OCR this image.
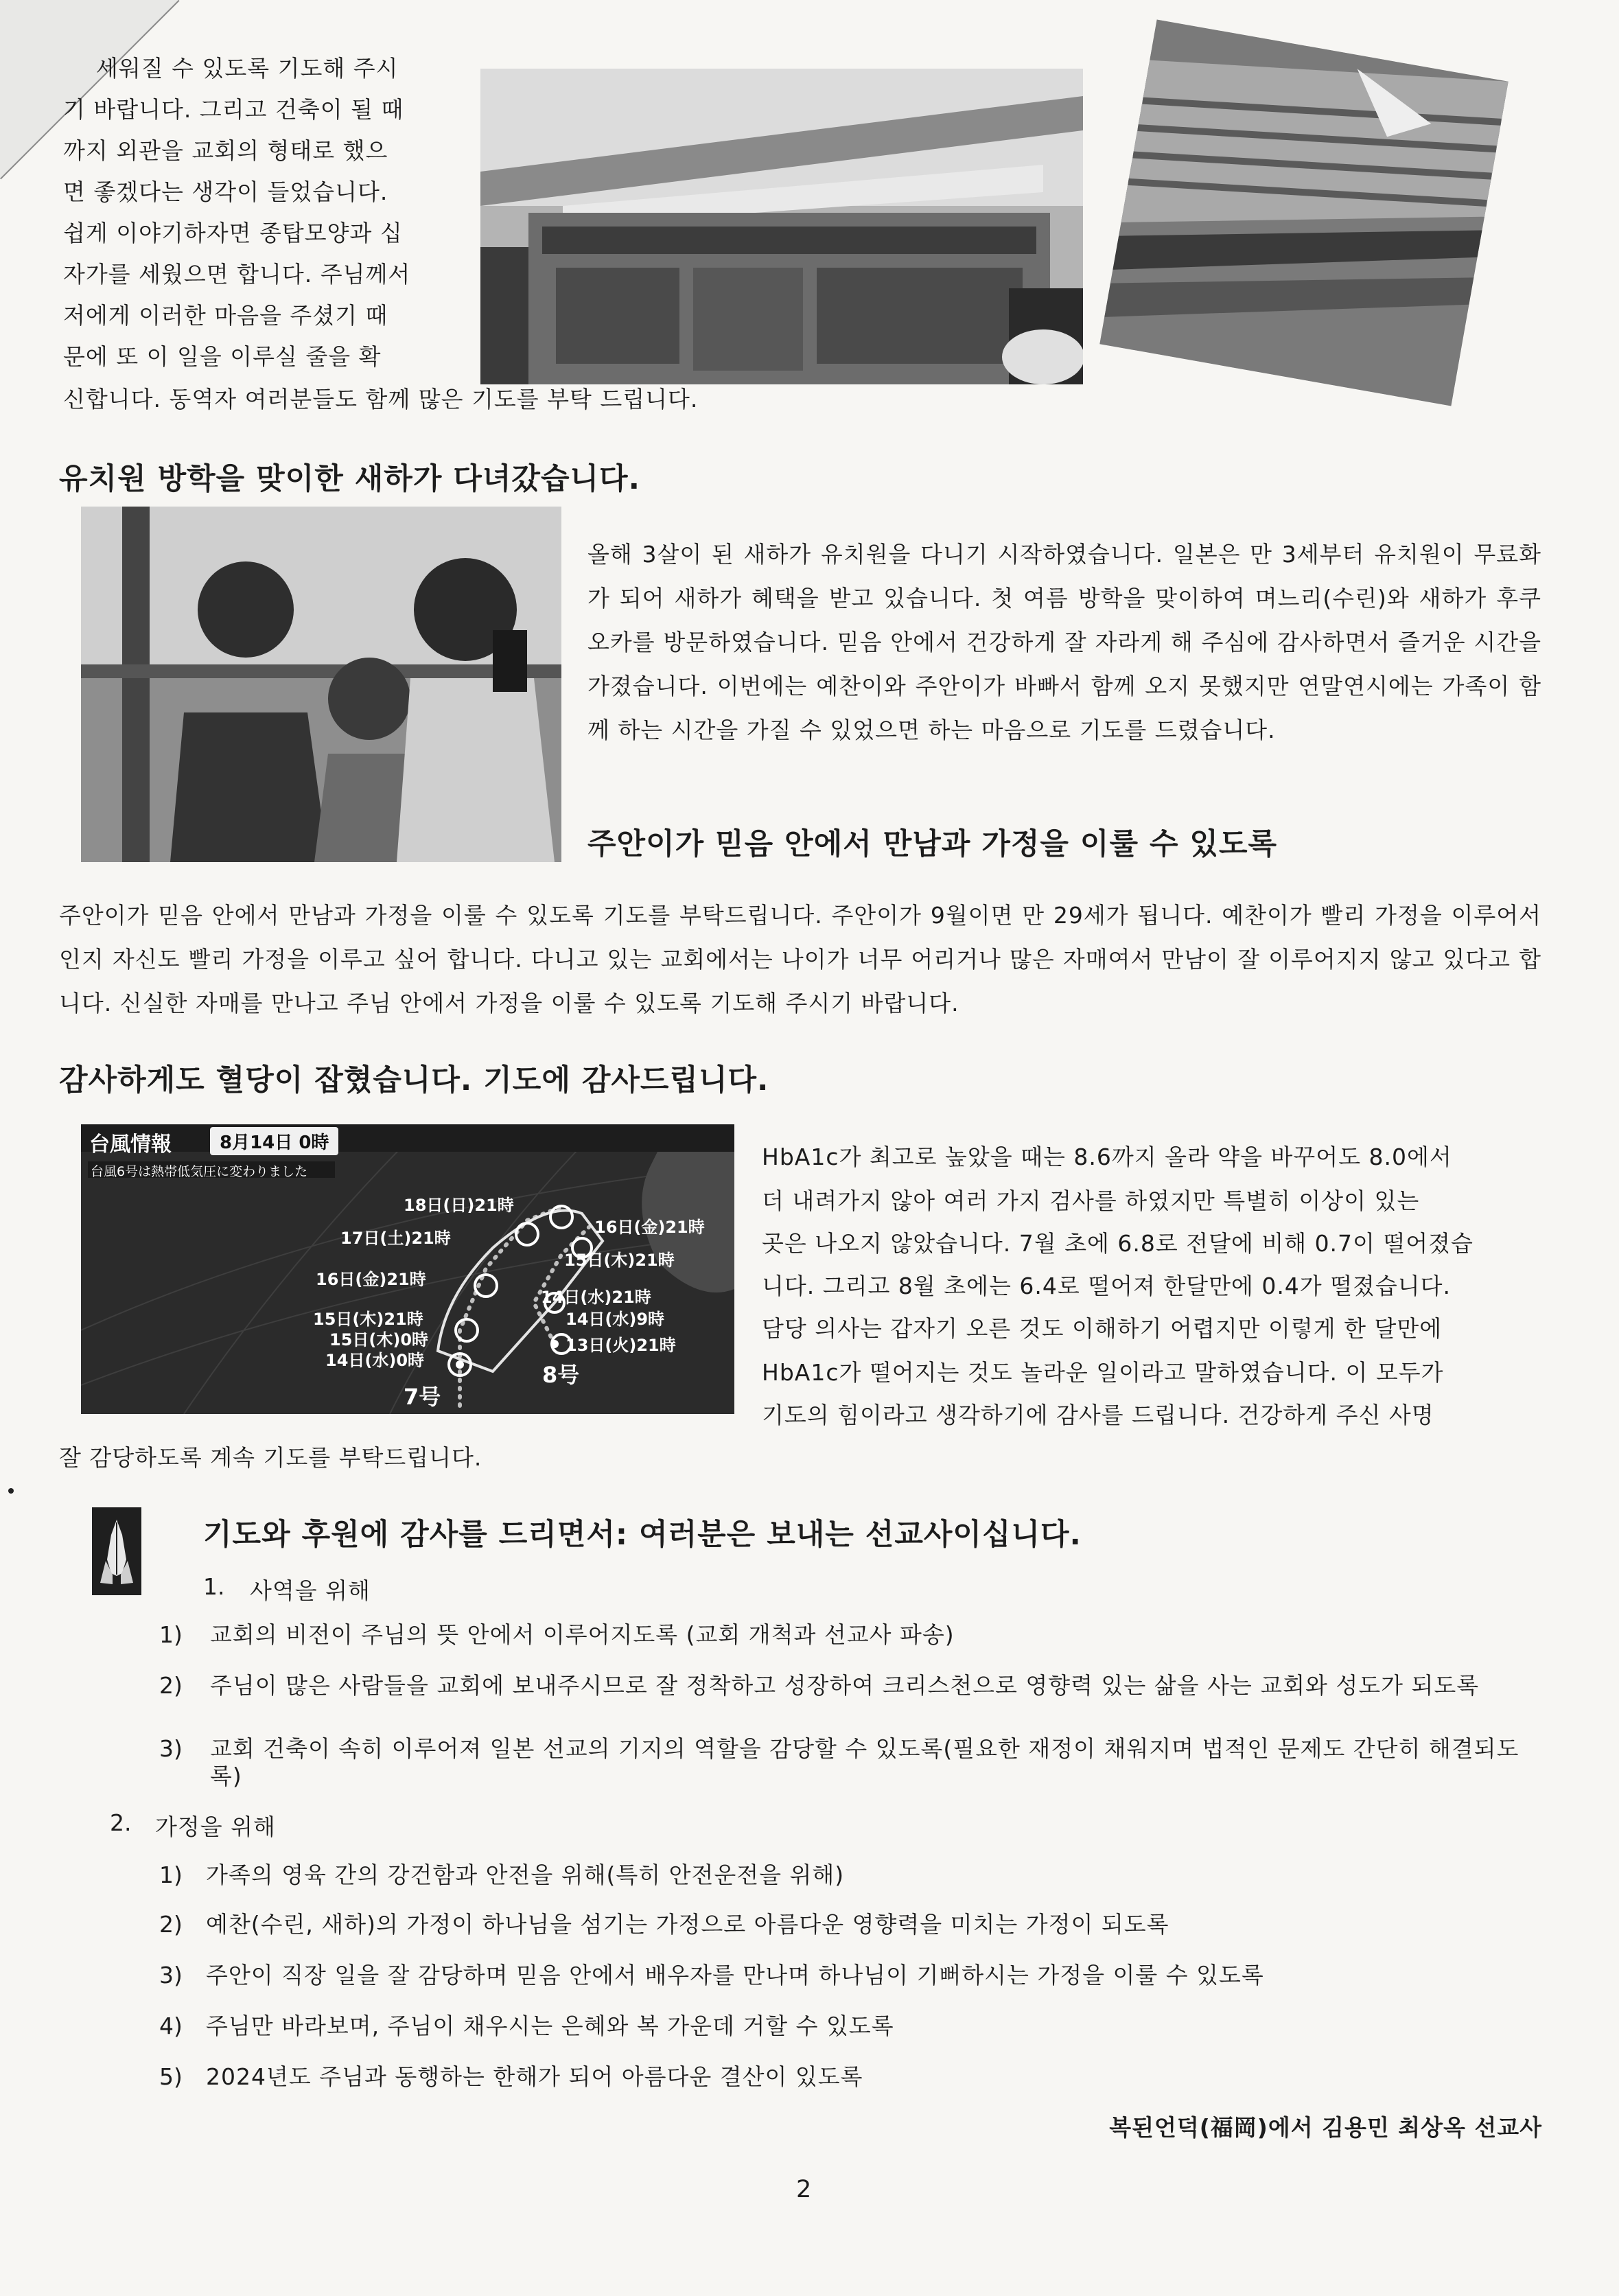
세워질 수 있도록 기도해 주시
기 바랍니다. 그리고 건축이 될 때
까지 외관을 교회의 형태로 했으
면 좋겠다는 생각이 들었습니다.
쉽게 이야기하자면 종탑모양과 십
자가를 세웠으면 합니다. 주님께서
저에게 이러한 마음을 주셨기 때
문에 또 이 일을 이루실 줄을 확
신합니다. 동역자 여러분들도 함께 많은 기도를 부탁 드립니다.
유치원 방학을 맞이한 새하가 다녀갔습니다.
올해 3살이 된 새하가 유치원을 다니기 시작하였습니다. 일본은 만 3세부터 유치원이 무료화가 되어 새하가 혜택을 받고 있습니다. 첫 여름 방학을 맞이하여 며느리(수린)와 새하가 후쿠오카를 방문하였습니다. 믿음 안에서 건강하게 잘 자라게 해 주심에 감사하면서 즐거운 시간을 가졌습니다. 이번에는 예찬이와 주안이가 바빠서 함께 오지 못했지만 연말연시에는 가족이 함께 하는 시간을 가질 수 있었으면 하는 마음으로 기도를 드렸습니다.
주안이가 믿음 안에서 만남과 가정을 이룰 수 있도록
주안이가 믿음 안에서 만남과 가정을 이룰 수 있도록 기도를 부탁드립니다. 주안이가 9월이면 만 29세가 됩니다. 예찬이가 빨리 가정을 이루어서인지 자신도 빨리 가정을 이루고 싶어 합니다. 다니고 있는 교회에서는 나이가 너무 어리거나 많은 자매여서 만남이 잘 이루어지지 않고 있다고 합니다. 신실한 자매를 만나고 주님 안에서 가정을 이룰 수 있도록 기도해 주시기 바랍니다.
감사하게도 혈당이 잡혔습니다. 기도에 감사드립니다.
台風情報	8月14日 0時
台風6号は熱帯低気圧に変わりました
18日(日)21時
17日(土)21時
16日(金)21時
15日(木)21時
15日(木)0時
14日(水)0時
7号
16日(金)21時
15日(木)21時
14日(水)21時
14日(水)9時
13日(火)21時
8号
HbA1c가 최고로 높았을 때는 8.6까지 올라 약을 바꾸어도 8.0에서
더 내려가지 않아 여러 가지 검사를 하였지만 특별히 이상이 있는
곳은 나오지 않았습니다. 7월 초에 6.8로 전달에 비해 0.7이 떨어졌습
니다. 그리고 8월 초에는 6.4로 떨어져 한달만에 0.4가 떨졌습니다.
담당 의사는 갑자기 오른 것도 이해하기 어렵지만 이렇게 한 달만에
HbA1c가 떨어지는 것도 놀라운 일이라고 말하였습니다. 이 모두가
기도의 힘이라고 생각하기에 감사를 드립니다. 건강하게 주신 사명
잘 감당하도록 계속 기도를 부탁드립니다.
기도와 후원에 감사를 드리면서: 여러분은 보내는 선교사이십니다.
1. 사역을 위해
1) 교회의 비전이 주님의 뜻 안에서 이루어지도록 (교회 개척과 선교사 파송)
2) 주님이 많은 사람들을 교회에 보내주시므로 잘 정착하고 성장하여 크리스천으로 영향력 있는 삶을 사는 교회와 성도가 되도록
3) 교회 건축이 속히 이루어져 일본 선교의 기지의 역할을 감당할 수 있도록(필요한 재정이 채워지며 법적인 문제도 간단히 해결되도록)
2. 가정을 위해
1) 가족의 영육 간의 강건함과 안전을 위해(특히 안전운전을 위해)
2) 예찬(수린, 새하)의 가정이 하나님을 섬기는 가정으로 아름다운 영향력을 미치는 가정이 되도록
3) 주안이 직장 일을 잘 감당하며 믿음 안에서 배우자를 만나며 하나님이 기뻐하시는 가정을 이룰 수 있도록
4) 주님만 바라보며, 주님이 채우시는 은혜와 복 가운데 거할 수 있도록
5) 2024년도 주님과 동행하는 한해가 되어 아름다운 결산이 있도록
복된언덕(福岡)에서 김용민 최상옥 선교사
2
